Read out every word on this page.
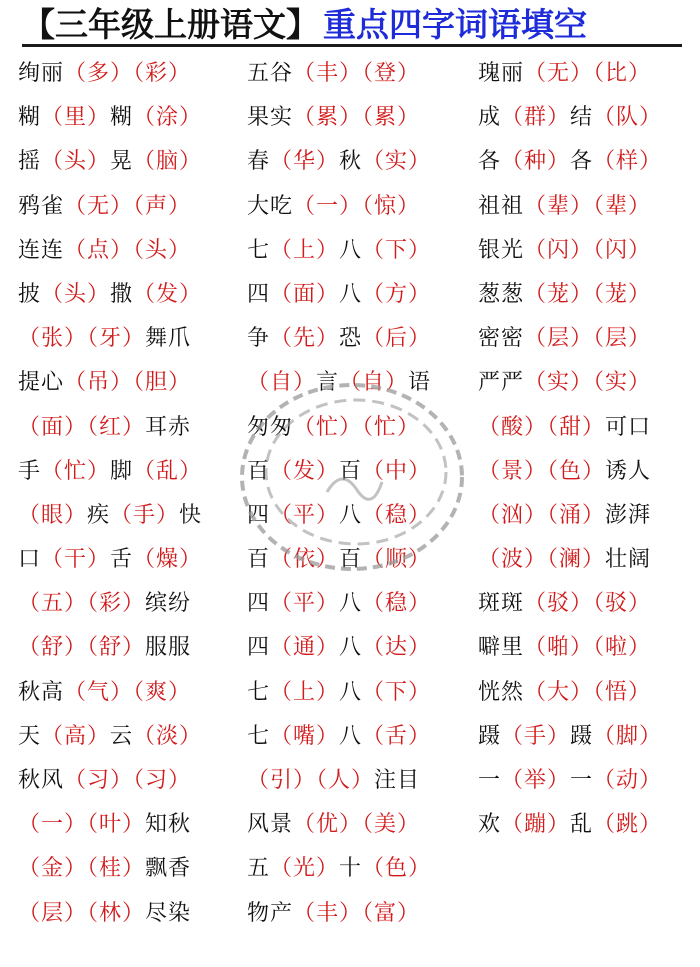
【三年级上册语文】 重点四字词语填空
绚丽（多）（彩）
糊（里）糊（涂）
摇（头）晃（脑）
鸦雀（无）（声）
连连（点）（头）
披（头）撒（发）
（张）（牙）舞爪
提心（吊）（胆）
（面）（红）耳赤
手（忙）脚（乱）
（眼）疾（手）快
口（干）舌（燥）
（五）（彩）缤纷
（舒）（舒）服服
秋高（气）（爽）
天（高）云（淡）
秋风（习）（习）
（一）（叶）知秋
（金）（桂）飘香
（层）（林）尽染
五谷（丰）（登）
果实（累）（累）
春（华）秋（实）
大吃（一）（惊）
七（上）八（下）
四（面）八（方）
争（先）恐（后）
（自）言（自）语
匆匆（忙）（忙）
百（发）百（中）
四（平）八（稳）
百（依）百（顺）
四（平）八（稳）
四（通）八（达）
七（上）八（下）
七（嘴）八（舌）
（引）（人）注目
风景（优）（美）
五（光）十（色）
物产（丰）（富）
瑰丽（无）（比）
成（群）结（队）
各（种）各（样）
祖祖（辈）（辈）
银光（闪）（闪）
葱葱（茏）（茏）
密密（层）（层）
严严（实）（实）
（酸）（甜）可口
（景）（色）诱人
（汹）（涌）澎湃
（波）（澜）壮阔
斑斑（驳）（驳）
噼里（啪）（啦）
恍然（大）（悟）
蹑（手）蹑（脚）
一（举）一（动）
欢（蹦）乱（跳）
